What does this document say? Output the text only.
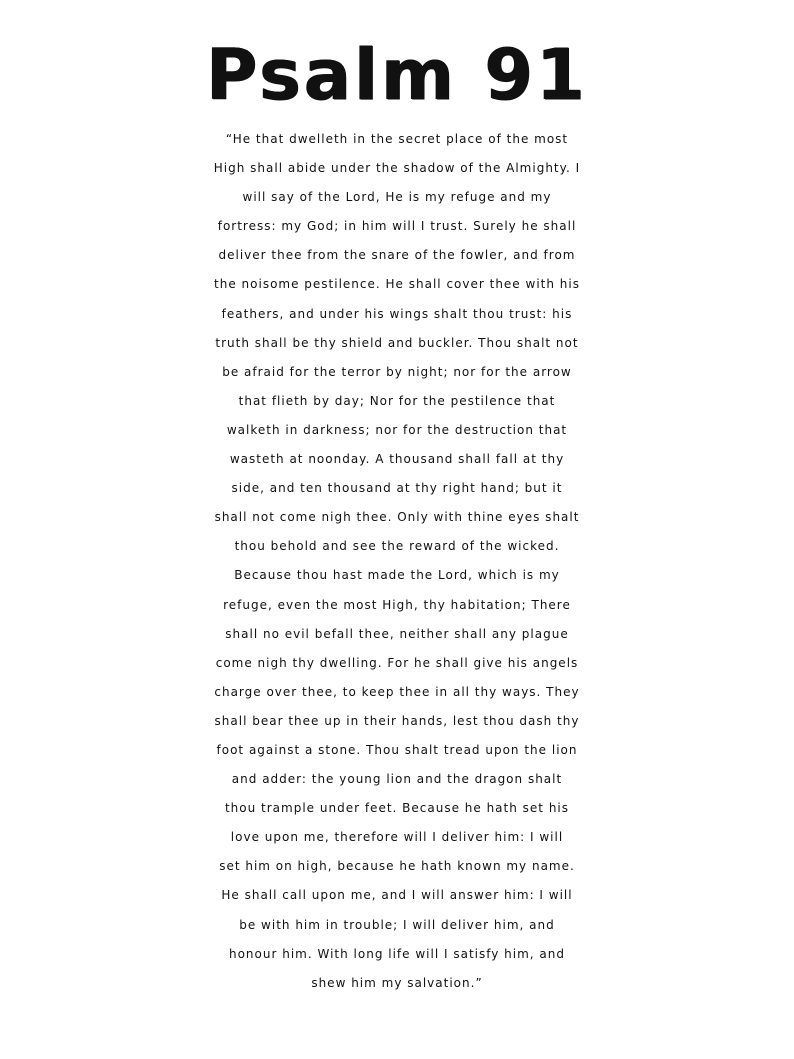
Psalm 91
“He that dwelleth in the secret place of the most
High shall abide under the shadow of the Almighty. I
will say of the Lord, He is my refuge and my
fortress: my God; in him will I trust. Surely he shall
deliver thee from the snare of the fowler, and from
the noisome pestilence. He shall cover thee with his
feathers, and under his wings shalt thou trust: his
truth shall be thy shield and buckler. Thou shalt not
be afraid for the terror by night; nor for the arrow
that flieth by day; Nor for the pestilence that
walketh in darkness; nor for the destruction that
wasteth at noonday. A thousand shall fall at thy
side, and ten thousand at thy right hand; but it
shall not come nigh thee. Only with thine eyes shalt
thou behold and see the reward of the wicked.
Because thou hast made the Lord, which is my
refuge, even the most High, thy habitation; There
shall no evil befall thee, neither shall any plague
come nigh thy dwelling. For he shall give his angels
charge over thee, to keep thee in all thy ways. They
shall bear thee up in their hands, lest thou dash thy
foot against a stone. Thou shalt tread upon the lion
and adder: the young lion and the dragon shalt
thou trample under feet. Because he hath set his
love upon me, therefore will I deliver him: I will
set him on high, because he hath known my name.
He shall call upon me, and I will answer him: I will
be with him in trouble; I will deliver him, and
honour him. With long life will I satisfy him, and
shew him my salvation.”
